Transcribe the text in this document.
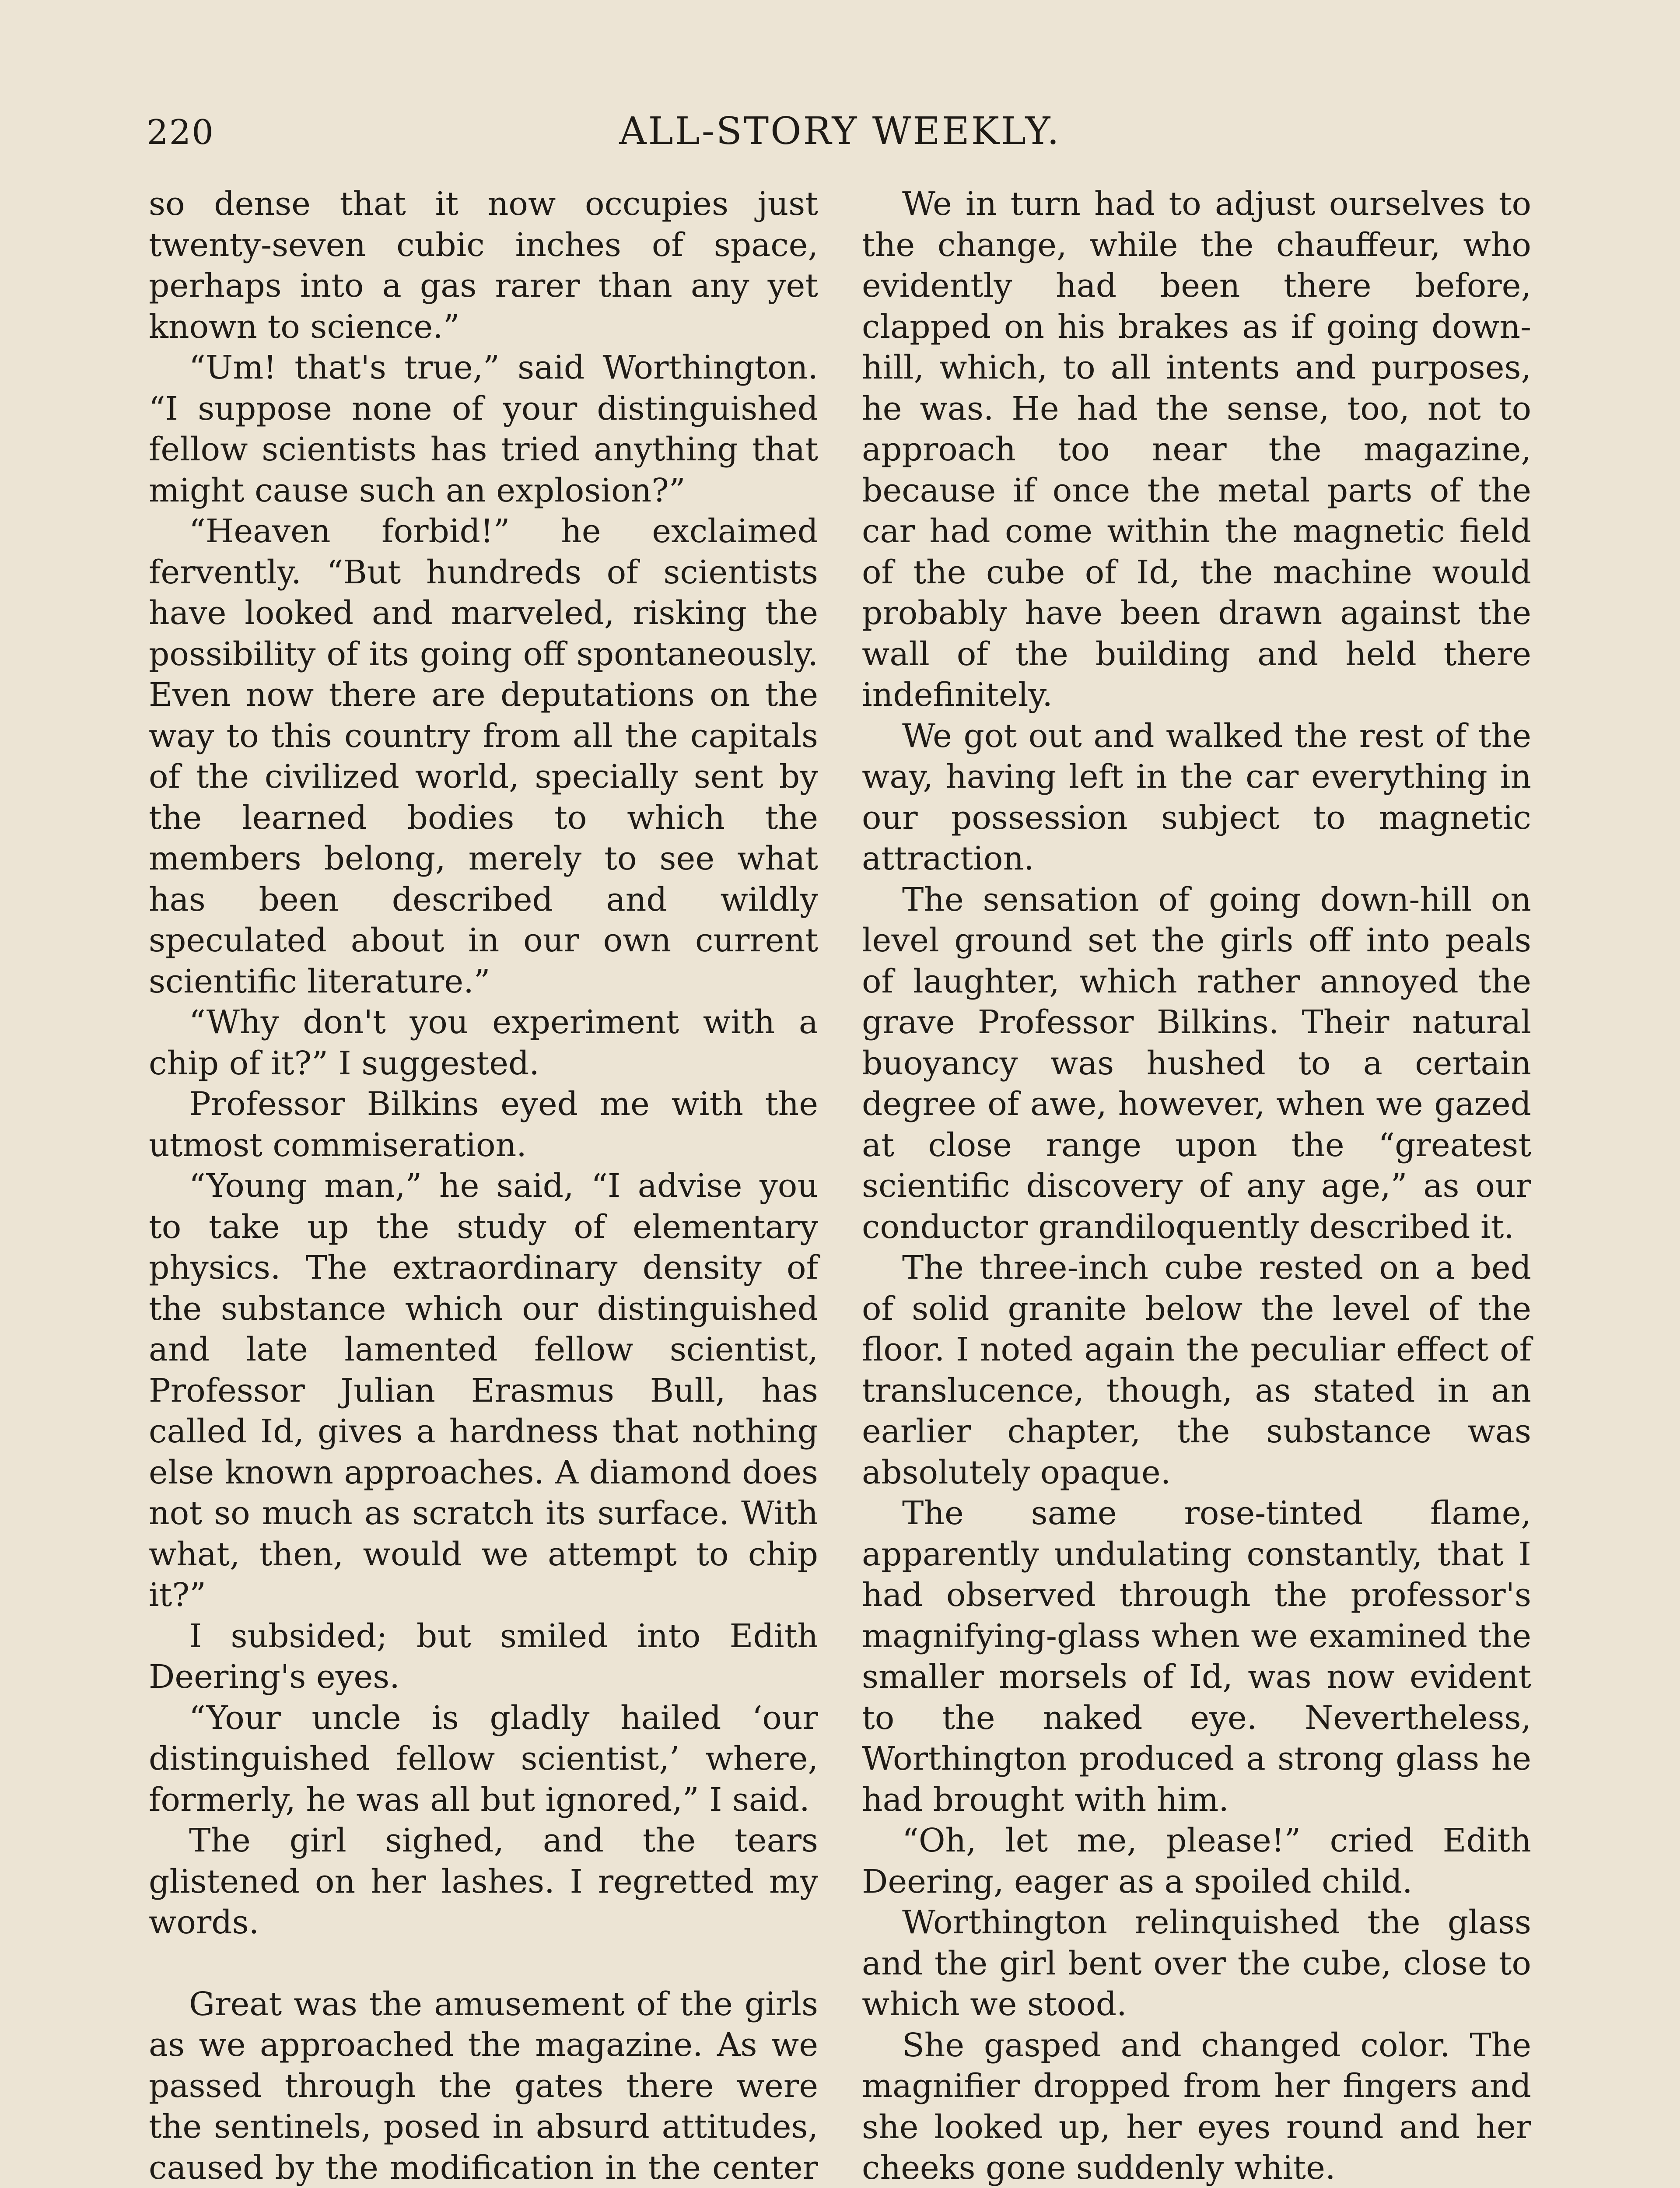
220	ALL-STORY WEEKLY.

so dense that it now occupies just twenty-seven cubic inches of space, perhaps into a gas rarer than any yet known to science.”

“Um! that's true,” said Worthington. “I suppose none of your distinguished fellow scientists has tried anything that might cause such an explosion?”

“Heaven forbid!” he exclaimed fervently. “But hundreds of scientists have looked and marveled, risking the possibility of its going off spontaneously. Even now there are deputations on the way to this country from all the capitals of the civilized world, specially sent by the learned bodies to which the members belong, merely to see what has been described and wildly speculated about in our own current scientific literature.”

“Why don't you experiment with a chip of it?” I suggested.

Professor Bilkins eyed me with the utmost commiseration.

“Young man,” he said, “I advise you to take up the study of elementary physics. The extraordinary density of the substance which our distinguished and late lamented fellow scientist, Professor Julian Erasmus Bull, has called Id, gives a hardness that nothing else known approaches. A diamond does not so much as scratch its surface. With what, then, would we attempt to chip it?”

I subsided; but smiled into Edith Deering's eyes.

“Your uncle is gladly hailed ‘our distinguished fellow scientist,’ where, formerly, he was all but ignored,” I said.

The girl sighed, and the tears glistened on her lashes. I regretted my words.

Great was the amusement of the girls as we approached the magazine. As we passed through the gates there were the sentinels, posed in absurd attitudes, caused by the modification in the center

We in turn had to adjust ourselves to the change, while the chauffeur, who evidently had been there before, clapped on his brakes as if going down-hill, which, to all intents and purposes, he was. He had the sense, too, not to approach too near the magazine, because if once the metal parts of the car had come within the magnetic field of the cube of Id, the machine would probably have been drawn against the wall of the building and held there indefinitely.

We got out and walked the rest of the way, having left in the car everything in our possession subject to magnetic attraction.

The sensation of going down-hill on level ground set the girls off into peals of laughter, which rather annoyed the grave Professor Bilkins. Their natural buoyancy was hushed to a certain degree of awe, however, when we gazed at close range upon the “greatest scientific discovery of any age,” as our conductor grandiloquently described it.

The three-inch cube rested on a bed of solid granite below the level of the floor. I noted again the peculiar effect of translucence, though, as stated in an earlier chapter, the substance was absolutely opaque.

The same rose-tinted flame, apparently undulating constantly, that I had observed through the professor's magnifying-glass when we examined the smaller morsels of Id, was now evident to the naked eye. Nevertheless, Worthington produced a strong glass he had brought with him.

“Oh, let me, please!” cried Edith Deering, eager as a spoiled child.

Worthington relinquished the glass and the girl bent over the cube, close to which we stood.

She gasped and changed color. The magnifier dropped from her fingers and she looked up, her eyes round and her cheeks gone suddenly white.
